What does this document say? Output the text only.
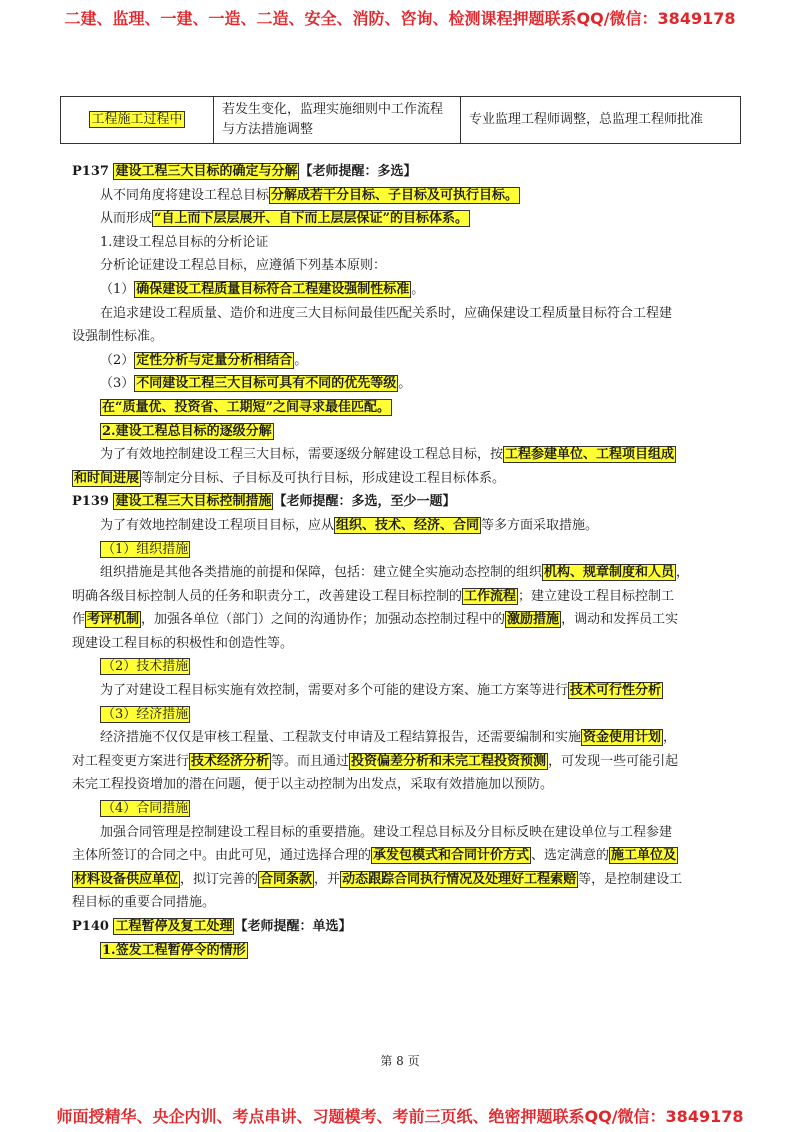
二建、监理、一建、一造、二造、安全、消防、咨询、检测课程押题联系QQ/微信：3849178
工程施工过程中	若发生变化，监理实施细则中工作流程与方法措施调整	专业监理工程师调整，总监理工程师批准
P137 建设工程三大目标的确定与分解 【老师提醒：多选】
从不同角度将建设工程总目标 分解成若干分目标、子目标及可执行目标。
从而形成 “自上而下层层展开、自下而上层层保证”的目标体系。
1.建设工程总目标的分析论证
分析论证建设工程总目标，应遵循下列基本原则：
（1） 确保建设工程质量目标符合工程建设强制性标准 。
在追求建设工程质量、造价和进度三大目标间最佳匹配关系时，应确保建设工程质量目标符合工程建
设强制性标准。
（2） 定性分析与定量分析相结合 。
（3） 不同建设工程三大目标可具有不同的优先等级 。
在“质量优、投资省、工期短”之间寻求最佳匹配。
2.建设工程总目标的逐级分解
为了有效地控制建设工程三大目标，需要逐级分解建设工程总目标，按 工程参建单位、工程项目组成
和时间进展 等制定分目标、子目标及可执行目标，形成建设工程目标体系。
P139 建设工程三大目标控制措施 【老师提醒：多选，至少一题】
为了有效地控制建设工程项目目标，应从 组织、技术、经济、合同 等多方面采取措施。
（1）组织措施
组织措施是其他各类措施的前提和保障，包括：建立健全实施动态控制的组织 机构、规章制度和人员 ，
明确各级目标控制人员的任务和职责分工，改善建设工程目标控制的 工作流程 ；建立建设工程目标控制工
作 考评机制 ，加强各单位（部门）之间的沟通协作；加强动态控制过程中的 激励措施 ，调动和发挥员工实
现建设工程目标的积极性和创造性等。
（2）技术措施
为了对建设工程目标实施有效控制，需要对多个可能的建设方案、施工方案等进行 技术可行性分析
（3）经济措施
经济措施不仅仅是审核工程量、工程款支付申请及工程结算报告，还需要编制和实施 资金使用计划 ，
对工程变更方案进行 技术经济分析 等。而且通过 投资偏差分析和未完工程投资预测 ，可发现一些可能引起
未完工程投资增加的潜在问题，便于以主动控制为出发点，采取有效措施加以预防。
（4）合同措施
加强合同管理是控制建设工程目标的重要措施。建设工程总目标及分目标反映在建设单位与工程参建
主体所签订的合同之中。由此可见，通过选择合理的 承发包模式和合同计价方式 、选定满意的 施工单位及
材料设备供应单位 ，拟订完善的 合同条款 ，并 动态跟踪合同执行情况及处理好工程索赔 等，是控制建设工
程目标的重要合同措施。
P140 工程暂停及复工处理 【老师提醒：单选】
1.签发工程暂停令的情形
第 8 页
师面授精华、央企内训、考点串讲、习题模考、考前三页纸、绝密押题联系QQ/微信：3849178
